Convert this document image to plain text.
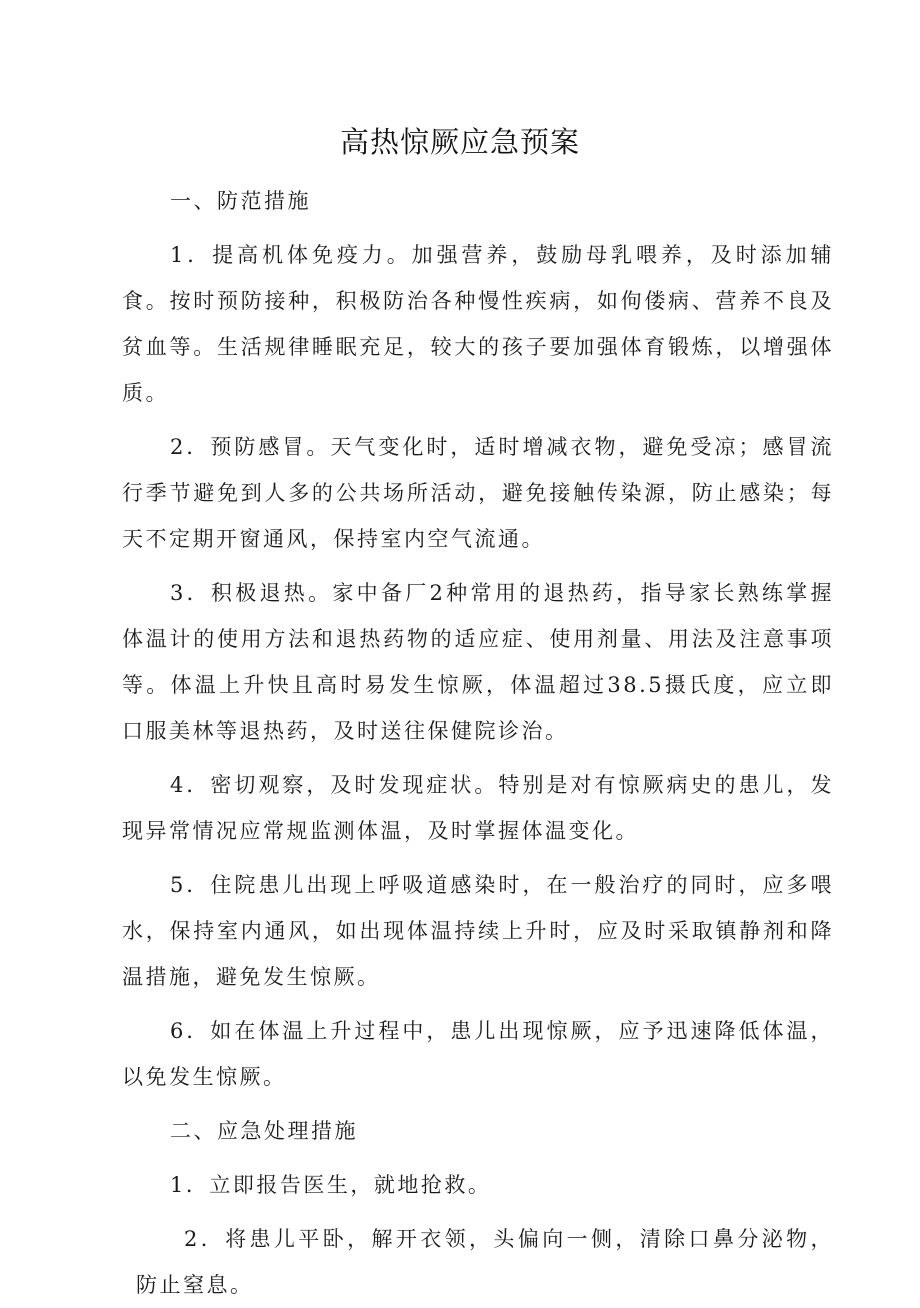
高热惊厥应急预案

一、防范措施

1．提高机体免疫力。加强营养，鼓励母乳喂养，及时添加辅食。按时预防接种，积极防治各种慢性疾病，如佝偻病、营养不良及贫血等。生活规律睡眠充足，较大的孩子要加强体育锻炼，以增强体质。

2．预防感冒。天气变化时，适时增减衣物，避免受凉；感冒流行季节避免到人多的公共场所活动，避免接触传染源，防止感染；每天不定期开窗通风，保持室内空气流通。

3．积极退热。家中备厂2种常用的退热药，指导家长熟练掌握体温计的使用方法和退热药物的适应症、使用剂量、用法及注意事项等。体温上升快且高时易发生惊厥，体温超过38.5摄氏度，应立即口服美林等退热药，及时送往保健院诊治。

4．密切观察，及时发现症状。特别是对有惊厥病史的患儿，发现异常情况应常规监测体温，及时掌握体温变化。

5．住院患儿出现上呼吸道感染时，在一般治疗的同时，应多喂水，保持室内通风，如出现体温持续上升时，应及时采取镇静剂和降温措施，避免发生惊厥。

6．如在体温上升过程中，患儿出现惊厥，应予迅速降低体温，以免发生惊厥。

二、应急处理措施

1．立即报告医生，就地抢救。

2．将患儿平卧，解开衣领，头偏向一侧，清除口鼻分泌物，防止窒息。
